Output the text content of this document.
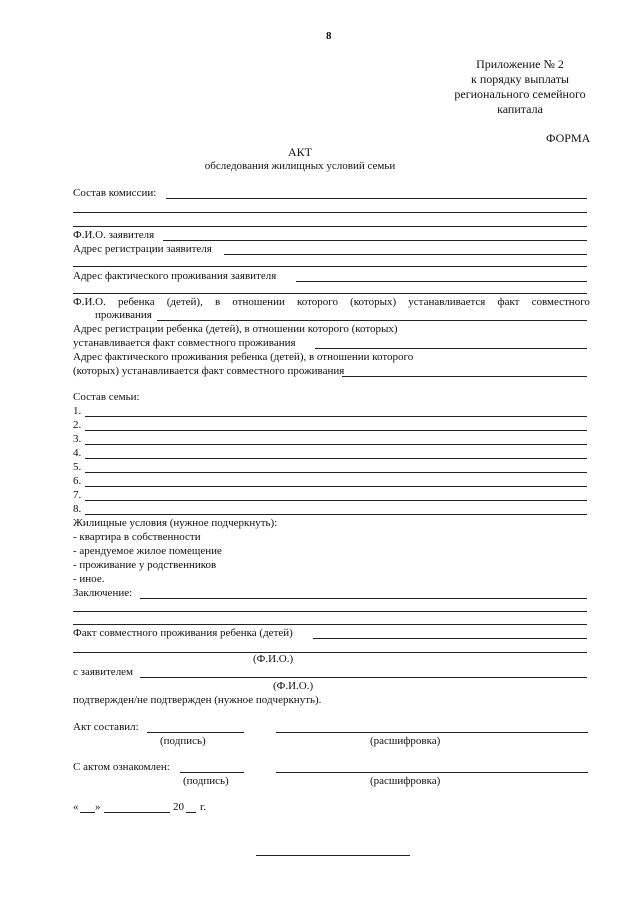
8
Приложение № 2
к порядку выплаты
регионального семейного
капитала
ФОРМА
АКТ
обследования жилищных условий семьи
Состав комиссии:
Ф.И.О. заявителя
Адрес регистрации заявителя
Адрес фактического проживания заявителя
Ф.И.О. ребенка (детей), в отношении которого (которых) устанавливается факт совместного
проживания
Адрес регистрации ребенка (детей), в отношении которого (которых)
устанавливается факт совместного проживания
Адрес фактического проживания ребенка (детей), в отношении которого
(которых) устанавливается факт совместного проживания
Состав семьи:
1.
2.
3.
4.
5.
6.
7.
8.
Жилищные условия (нужное подчеркнуть):
- квартира в собственности
- арендуемое жилое помещение
- проживание у родственников
- иное.
Заключение:
Факт совместного проживания ребенка (детей)
(Ф.И.О.)
с заявителем
(Ф.И.О.)
подтвержден/не подтвержден (нужное подчеркнуть).
Акт составил:
(подпись)	(расшифровка)
С актом ознакомлен:
(подпись)	(расшифровка)
« »	20 г.
